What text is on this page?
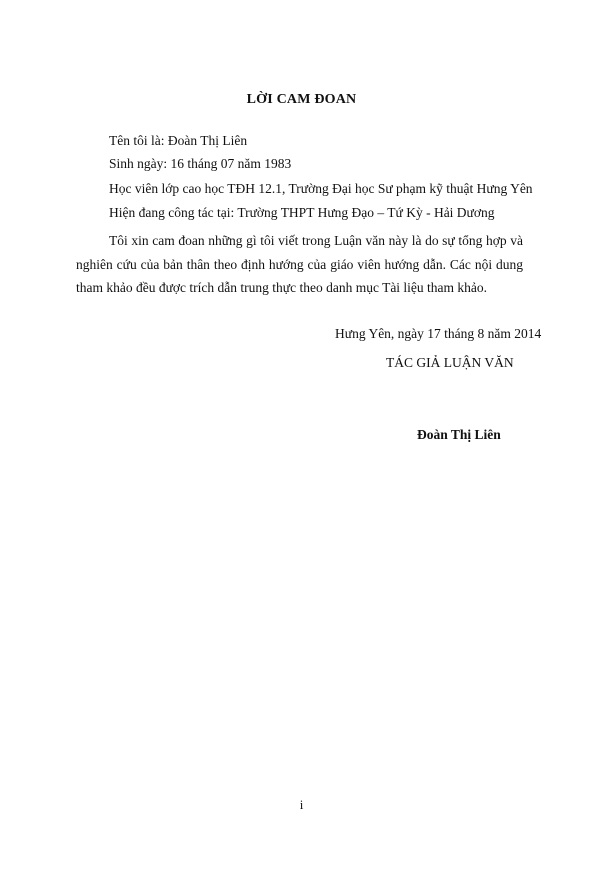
LỜI CAM ĐOAN
Tên tôi là: Đoàn Thị Liên
Sinh ngày: 16 tháng 07 năm 1983
Học viên lớp cao học TĐH 12.1, Trường Đại học Sư phạm kỹ thuật Hưng Yên
Hiện đang công tác tại: Trường THPT Hưng Đạo – Tứ Kỳ - Hải Dương
Tôi xin cam đoan những gì tôi viết trong Luận văn này là do sự tổng hợp và nghiên cứu của bản thân theo định hướng của giáo viên hướng dẫn. Các nội dung tham khảo đều được trích dẫn trung thực theo danh mục Tài liệu tham khảo.
Hưng Yên, ngày 17 tháng 8 năm 2014
TÁC GIẢ LUẬN VĂN
Đoàn Thị Liên
i
